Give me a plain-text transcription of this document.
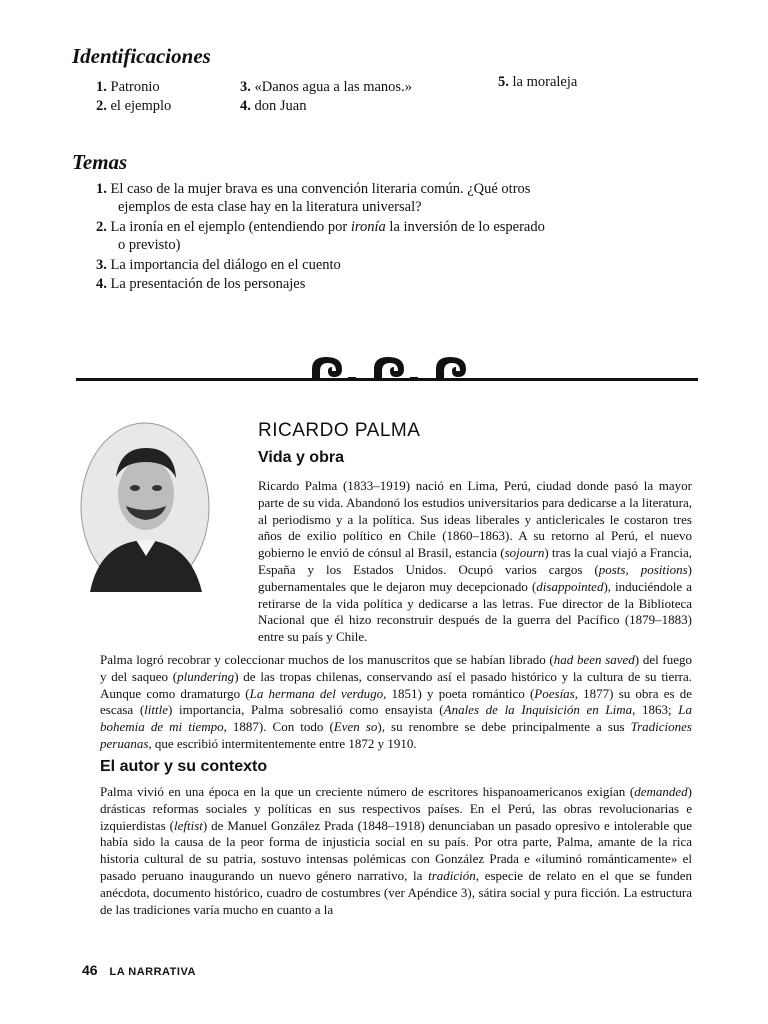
Identificaciones
1. Patronio
2. el ejemplo
3. «Danos agua a las manos.»
4. don Juan
5. la moraleja
Temas
1. El caso de la mujer brava es una convención literaria común. ¿Qué otros
ejemplos de esta clase hay en la literatura universal?
2. La ironía en el ejemplo (entendiendo por ironía la inversión de lo esperado
o previsto)
3. La importancia del diálogo en el cuento
4. La presentación de los personajes
RICARDO PALMA
Vida y obra

Ricardo Palma (1833–1919) nació en Lima, Perú, ciudad donde pasó la mayor parte de su vida. Abandonó los estudios universitarios para dedicarse a la literatura, al periodismo y a la política. Sus ideas liberales y anticlericales le costaron tres años de exilio político en Chile (1860–1863). A su retorno al Perú, el nuevo gobierno le envió de cónsul al Brasil, estancia (sojourn) tras la cual viajó a Francia, España y los Estados Unidos. Ocupó varios cargos (posts, positions) gubernamentales que le dejaron muy decepcionado (disappointed), induciéndole a retirarse de la vida política y dedicarse a las letras. Fue director de la Biblioteca Nacional que él hizo reconstruir después de la guerra del Pacífico (1879–1883) entre su país y Chile.

Palma logró recobrar y coleccionar muchos de los manuscritos que se habían librado (had been saved) del fuego y del saqueo (plundering) de las tropas chilenas, conservando así el pasado histórico y la cultura de su tierra. Aunque como dramaturgo (La hermana del verdugo, 1851) y poeta romántico (Poesías, 1877) su obra es de escasa (little) importancia, Palma sobresalió como ensayista (Anales de la Inquisición en Lima, 1863; La bohemia de mi tiempo, 1887). Con todo (Even so), su renombre se debe principalmente a sus Tradiciones peruanas, que escribió intermitentemente entre 1872 y 1910.

El autor y su contexto

Palma vivió en una época en la que un creciente número de escritores hispanoamericanos exigían (demanded) drásticas reformas sociales y políticas en sus respectivos países. En el Perú, las obras revolucionarias e izquierdistas (leftist) de Manuel González Prada (1848–1918) denunciaban un pasado opresivo e intolerable que había sido la causa de la peor forma de injusticia social en su país. Por otra parte, Palma, amante de la rica historia cultural de su patria, sostuvo intensas polémicas con González Prada e «iluminó románticamente» el pasado peruano inaugurando un nuevo género narrativo, la tradición, especie de relato en el que se funden anécdota, documento histórico, cuadro de costumbres (ver Apéndice 3), sátira social y pura ficción. La estructura de las tradiciones varía mucho en cuanto a la

46 LA NARRATIVA
